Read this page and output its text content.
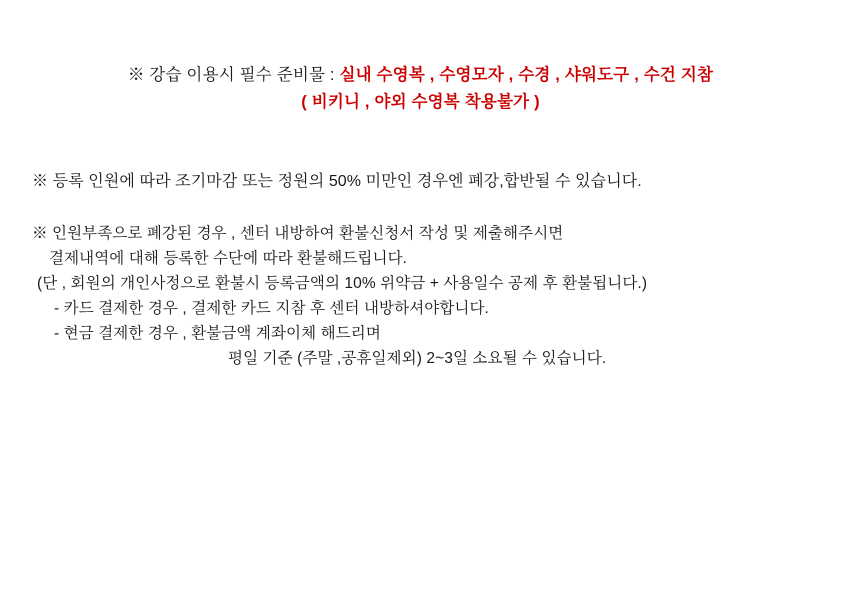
※ 강습 이용시 필수 준비물 : 실내 수영복 , 수영모자 , 수경 , 샤워도구 , 수건 지참
( 비키니 , 야외 수영복 착용불가 )
※ 등록 인원에 따라 조기마감 또는 정원의 50% 미만인 경우엔 폐강,합반될 수 있습니다.

※ 인원부족으로 폐강된 경우 , 센터 내방하여 환불신청서 작성 및 제출해주시면

결제내역에 대해 등록한 수단에 따라 환불해드립니다.

(단 , 회원의 개인사정으로 환불시 등록금액의 10% 위약금 + 사용일수 공제 후 환불됩니다.)

- 카드 결제한 경우 , 결제한 카드 지참 후 센터 내방하셔야합니다.

- 현금 결제한 경우 , 환불금액 계좌이체 해드리며

평일 기준 (주말 ,공휴일제외) 2~3일 소요될 수 있습니다.
